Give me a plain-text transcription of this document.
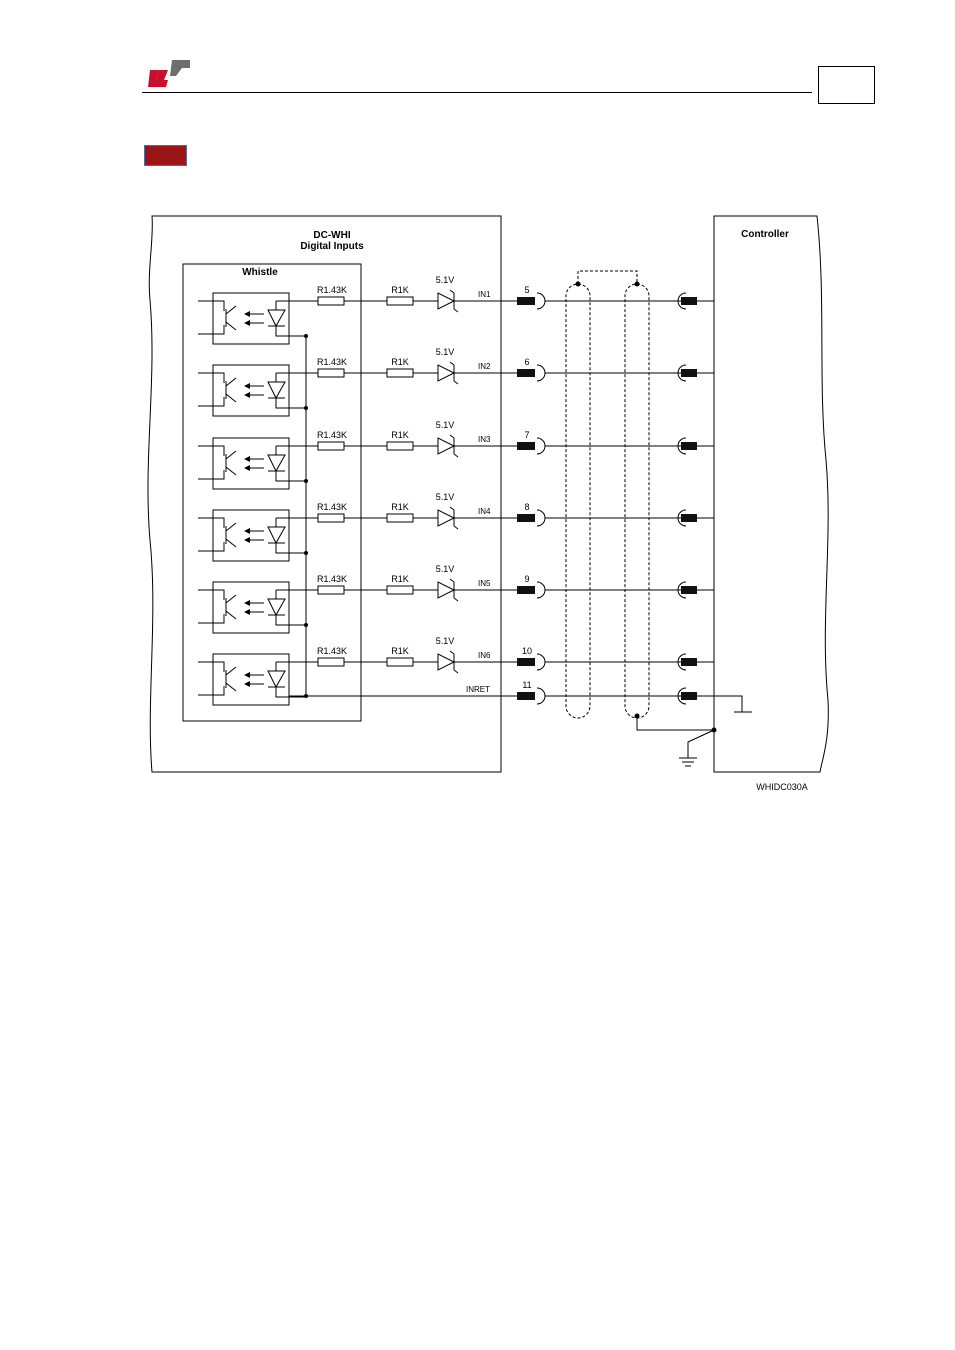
DC-WHI
Digital Inputs
Whistle
Controller
WHIDC030A
R1.43K	R1K
5.1V
IN1	5
R1.43K	R1K
5.1V
IN2	6
R1.43K	R1K
5.1V
IN3	7
R1.43K	R1K
5.1V
IN4	8
R1.43K	R1K
5.1V
IN5	9
R1.43K	R1K
5.1V
IN6	10
INRET	11
